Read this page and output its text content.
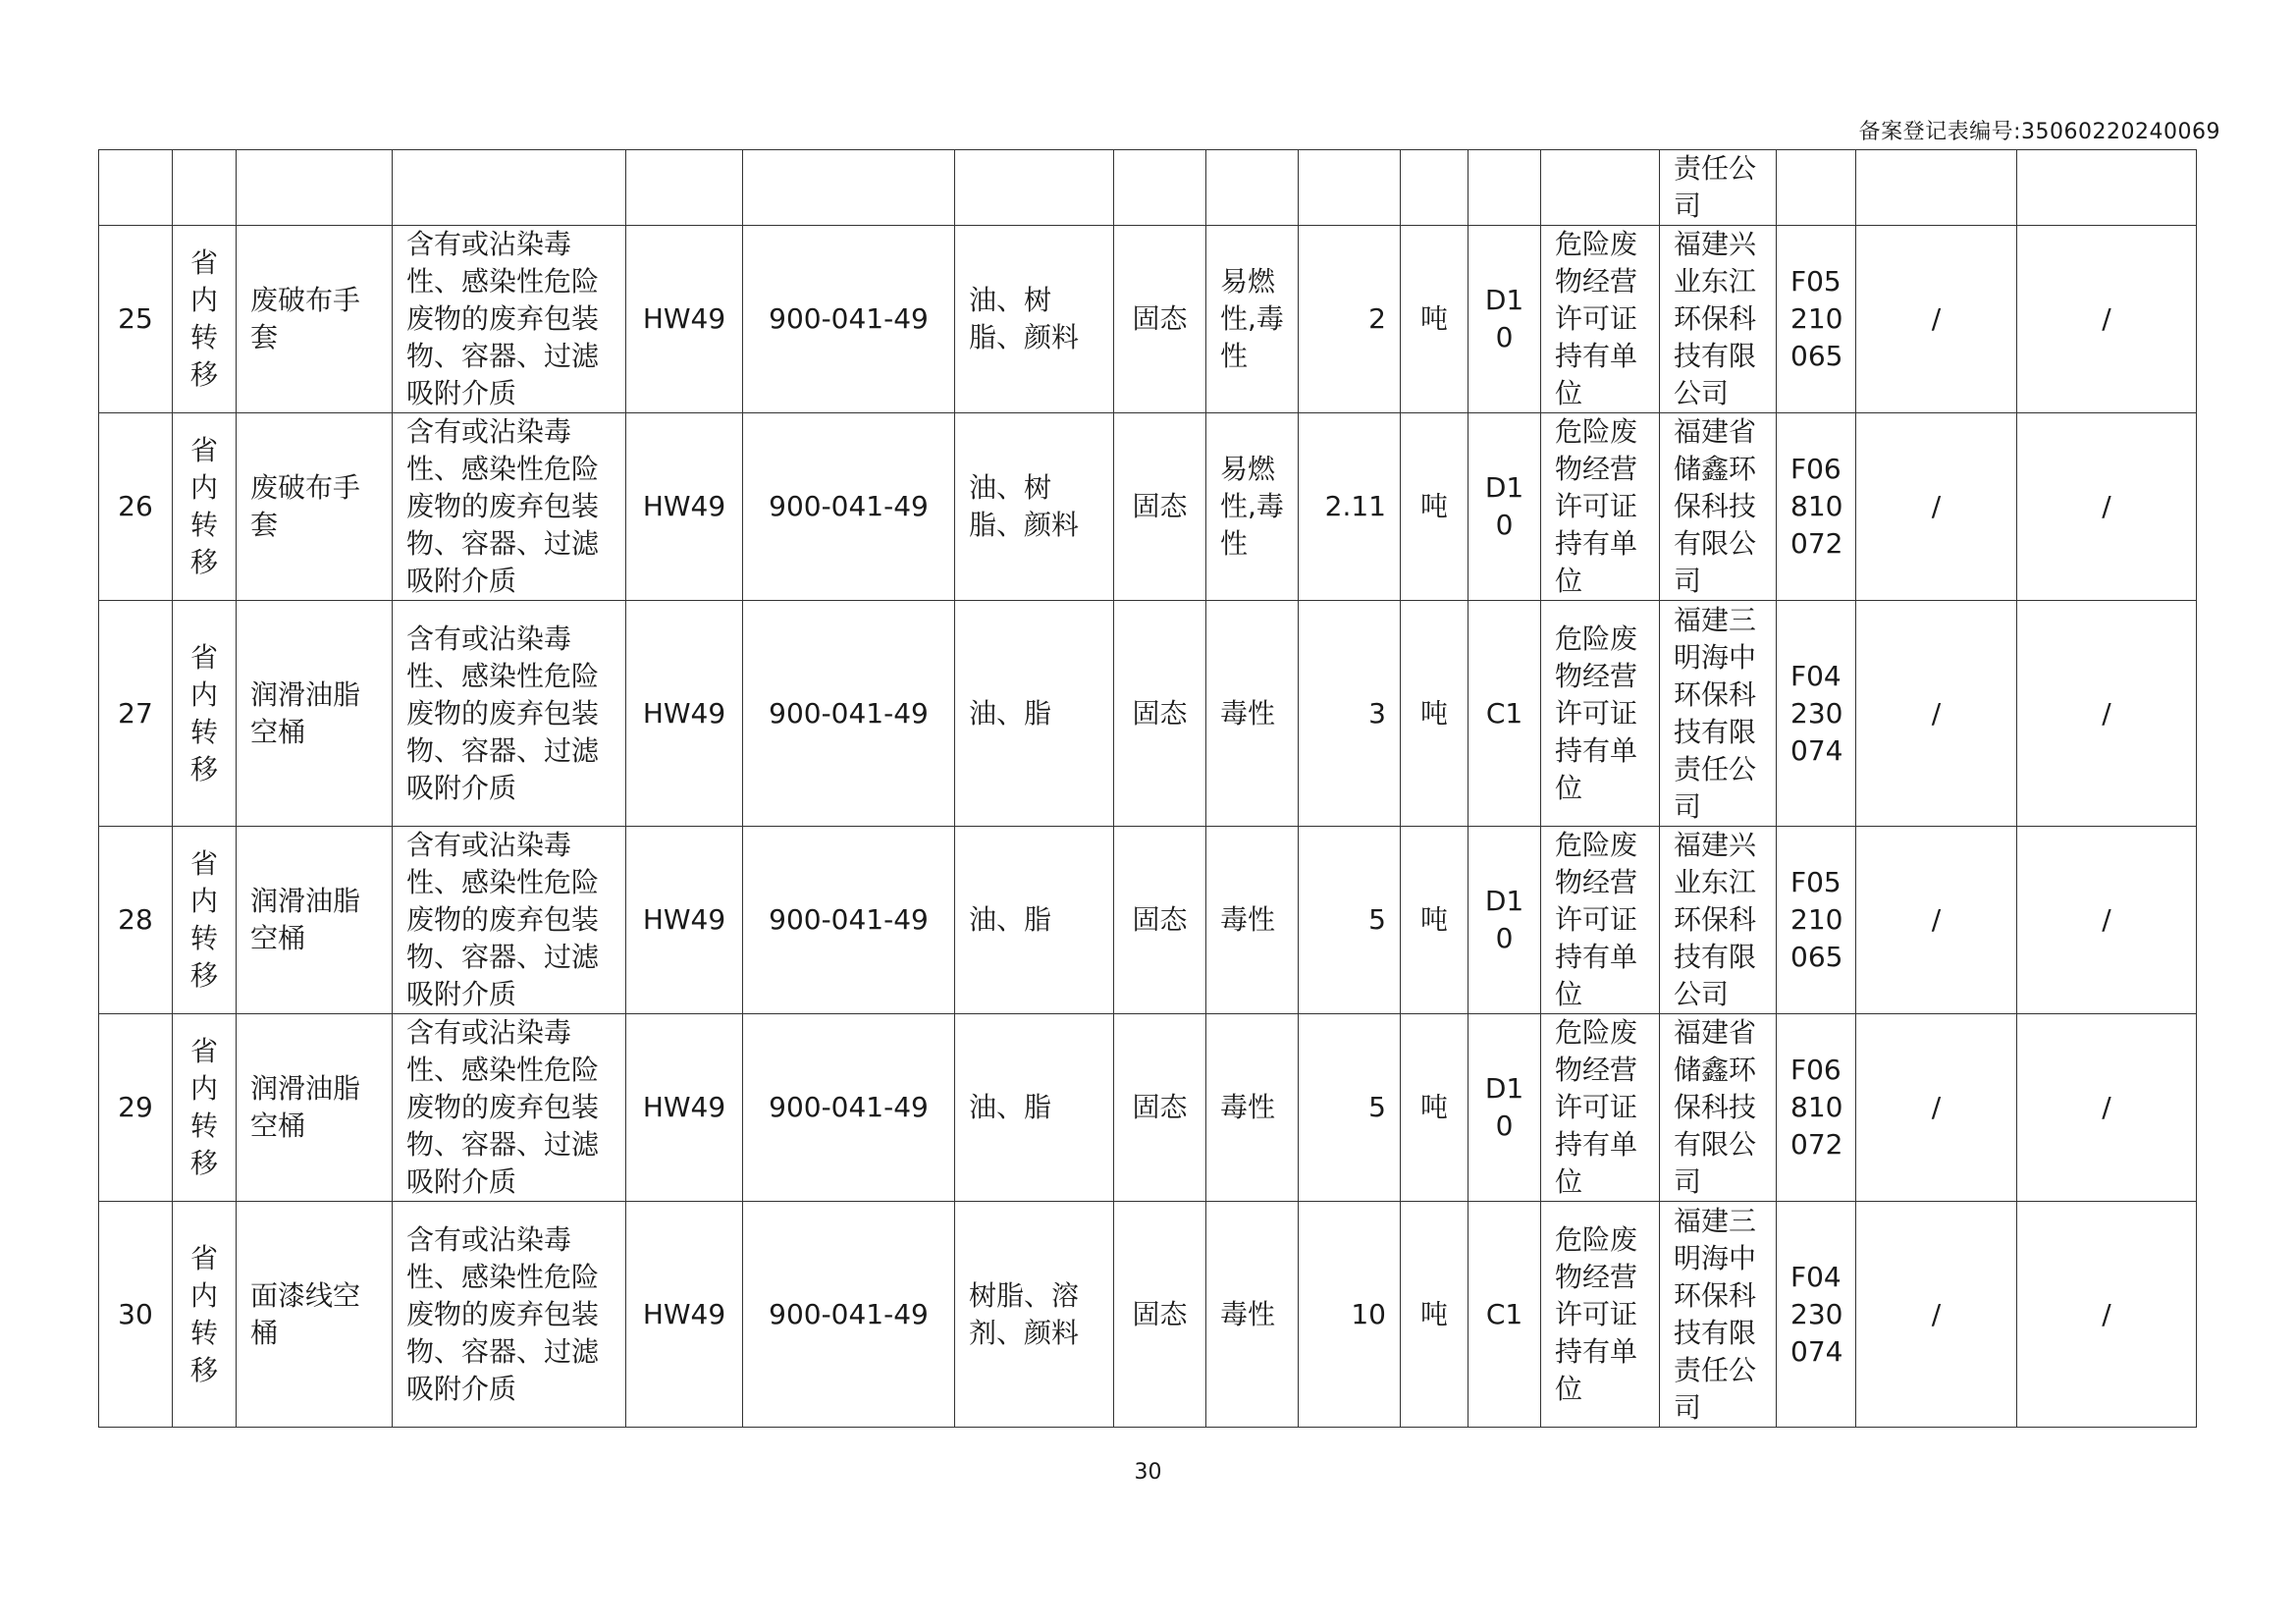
备案登记表编号:35060220240069
													责任公司			
25	省内转移	废破布手套	含有或沾染毒性、感染性危险废物的废弃包装物、容器、过滤吸附介质	HW49	900-041-49	油、树脂、颜料	固态	易燃性,毒性	2	吨	D10	危险废物经营许可证持有单位	福建兴业东江环保科技有限公司	F05210065	/	/
26	省内转移	废破布手套	含有或沾染毒性、感染性危险废物的废弃包装物、容器、过滤吸附介质	HW49	900-041-49	油、树脂、颜料	固态	易燃性,毒性	2.11	吨	D10	危险废物经营许可证持有单位	福建省储鑫环保科技有限公司	F06810072	/	/
27	省内转移	润滑油脂空桶	含有或沾染毒性、感染性危险废物的废弃包装物、容器、过滤吸附介质	HW49	900-041-49	油、脂	固态	毒性	3	吨	C1	危险废物经营许可证持有单位	福建三明海中环保科技有限责任公司	F04230074	/	/
28	省内转移	润滑油脂空桶	含有或沾染毒性、感染性危险废物的废弃包装物、容器、过滤吸附介质	HW49	900-041-49	油、脂	固态	毒性	5	吨	D10	危险废物经营许可证持有单位	福建兴业东江环保科技有限公司	F05210065	/	/
29	省内转移	润滑油脂空桶	含有或沾染毒性、感染性危险废物的废弃包装物、容器、过滤吸附介质	HW49	900-041-49	油、脂	固态	毒性	5	吨	D10	危险废物经营许可证持有单位	福建省储鑫环保科技有限公司	F06810072	/	/
30	省内转移	面漆线空桶	含有或沾染毒性、感染性危险废物的废弃包装物、容器、过滤吸附介质	HW49	900-041-49	树脂、溶剂、颜料	固态	毒性	10	吨	C1	危险废物经营许可证持有单位	福建三明海中环保科技有限责任公司	F04230074	/	/
30
